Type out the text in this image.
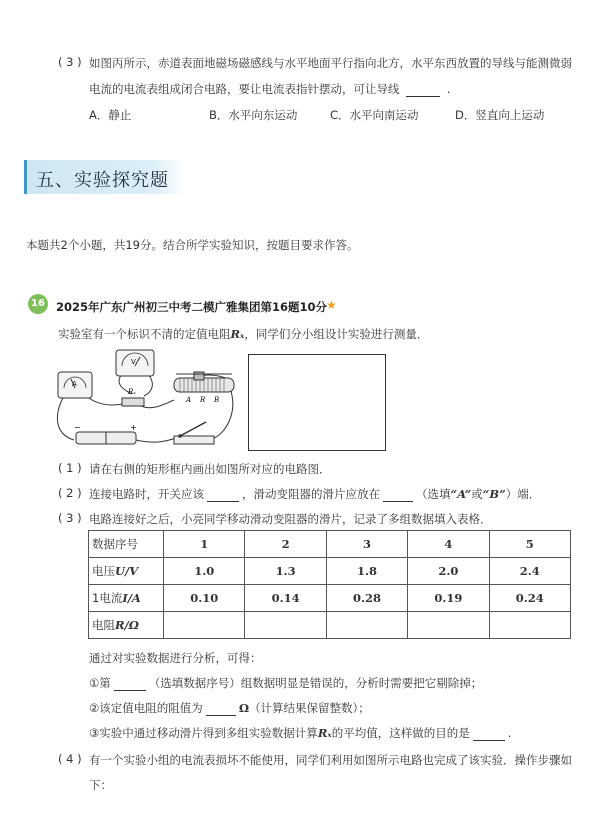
( 3 ) 如图丙所示，赤道表面地磁场磁感线与水平地面平行指向北方，水平东西放置的导线与能测微弱
电流的电流表组成闭合电路，要让电流表指针摆动，可让导线	.
A．静止	B．水平向东运动	C．水平向南运动	D．竖直向上运动
五、实验探究题
本题共2个小题，共19分。结合所学实验知识，按题目要求作答。
16 2025年广东广州初三中考二模广雅集团第16题10分
★
实验室有一个标识不清的定值电阻Rₓ，同学们分小组设计实验进行测量．
A
V
Rₓ
A R B
−	+
( 1 ) 请在右侧的矩形框内画出如图所对应的电路图．
( 2 ) 连接电路时，开关应该	，滑动变阻器的滑片应放在	（选填“A”或“B”）端．
( 3 ) 电路连接好之后，小亮同学移动滑动变阻器的滑片，记录了多组数据填入表格．
数据序号	1	2	3	4	5
电压U/V	1.0	1.3	1.8	2.0	2.4
1电流I/A	0.10	0.14	0.28	0.19	0.24
电阻R/Ω					
通过对实验数据进行分析，可得：
①第	（选填数据序号）组数据明显是错误的，分析时需要把它剔除掉；
②该定值电阻的阻值为	Ω（计算结果保留整数）；
③实验中通过移动滑片得到多组实验数据计算Rₓ的平均值，这样做的目的是	.
( 4 ) 有一个实验小组的电流表损坏不能使用，同学们利用如图所示电路也完成了该实验．操作步骤如
下：
